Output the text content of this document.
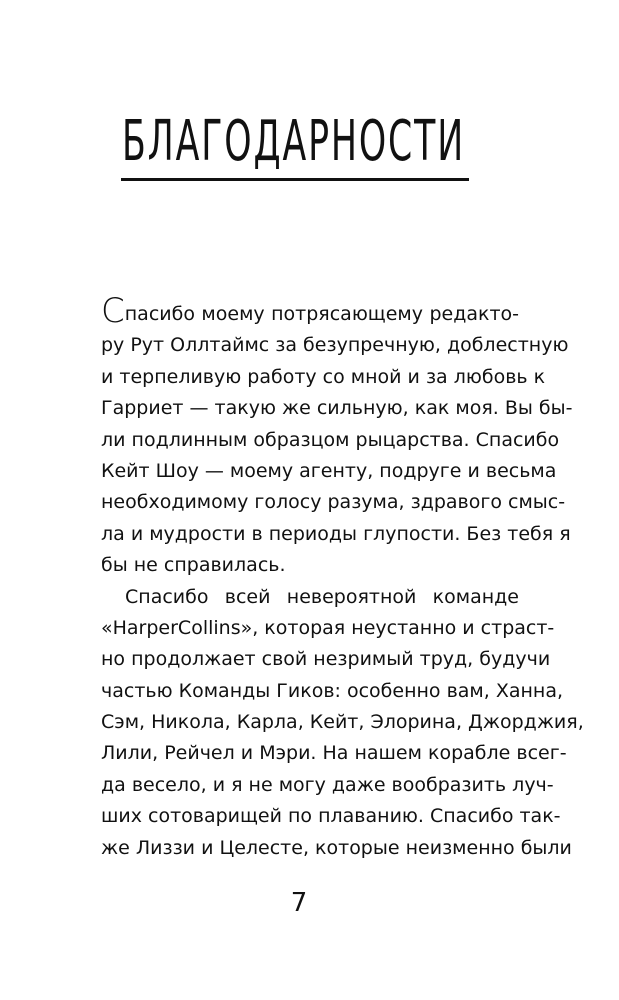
БЛАГОДАРНОСТИ
Спасибо моему потрясающему редакто-
ру Рут Оллтаймс за безупречную, доблестную
и терпеливую работу со мной и за любовь к
Гарриет — такую же сильную, как моя. Вы бы-
ли подлинным образцом рыцарства. Спасибо
Кейт Шоу — моему агенту, подруге и весьма
необходимому голосу разума, здравого смыс-
ла и мудрости в периоды глупости. Без тебя я
бы не справилась.
Спасибо всей невероятной команде
«HarperCollins», которая неустанно и страст-
но продолжает свой незримый труд, будучи
частью Команды Гиков: особенно вам, Ханна,
Сэм, Никола, Карла, Кейт, Элорина, Джорджия,
Лили, Рейчел и Мэри. На нашем корабле всег-
да весело, и я не могу даже вообразить луч-
ших сотоварищей по плаванию. Спасибо так-
же Лиззи и Целесте, которые неизменно были
7
